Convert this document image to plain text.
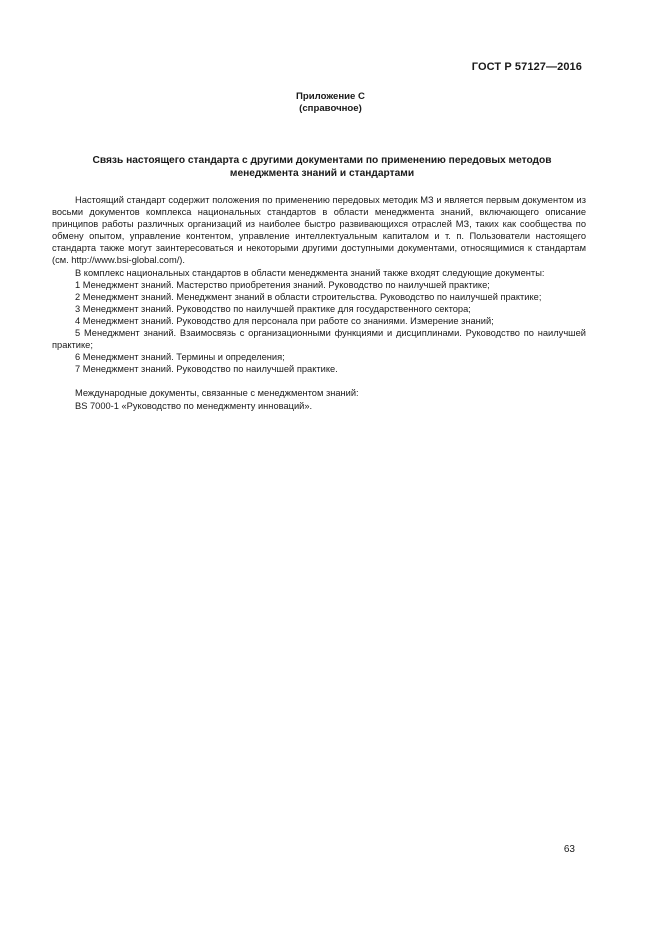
ГОСТ Р 57127—2016
Приложение С
(справочное)
Связь настоящего стандарта с другими документами по применению передовых методов
менеджмента знаний и стандартами

Настоящий стандарт содержит положения по применению передовых методик МЗ и является первым документом из восьми документов комплекса национальных стандартов в области менеджмента знаний, включающего описание принципов работы различных организаций из наиболее быстро развивающихся отраслей МЗ, таких как сообщества по обмену опытом, управление контентом, управление интеллектуальным капиталом и т. п. Пользователи настоящего стандарта также могут заинтересоваться и некоторыми другими доступными документами, относящимися к стандартам (см. http://www.bsi-global.com/).

В комплекс национальных стандартов в области менеджмента знаний также входят следующие документы:

1 Менеджмент знаний. Мастерство приобретения знаний. Руководство по наилучшей практике;

2 Менеджмент знаний. Менеджмент знаний в области строительства. Руководство по наилучшей практике;

3 Менеджмент знаний. Руководство по наилучшей практике для государственного сектора;

4 Менеджмент знаний. Руководство для персонала при работе со знаниями. Измерение знаний;

5 Менеджмент знаний. Взаимосвязь с организационными функциями и дисциплинами. Руководство по наилучшей практике;

6 Менеджмент знаний. Термины и определения;

7 Менеджмент знаний. Руководство по наилучшей практике.

Международные документы, связанные с менеджментом знаний:

BS 7000-1 «Руководство по менеджменту инноваций».

63
